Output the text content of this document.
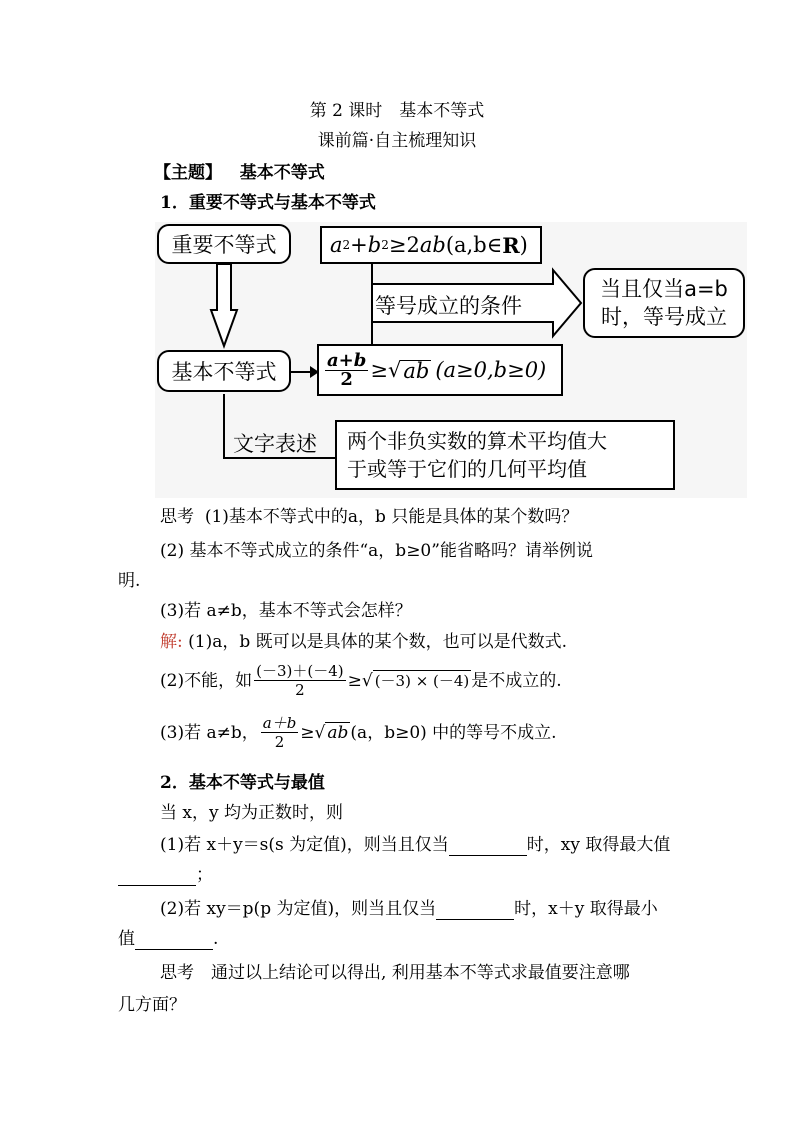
第 2 课时　基本不等式
课前篇·自主梳理知识
【主题】 基本不等式
1．重要不等式与基本不等式
重要不等式	a 2 + b 2 ≥2 ab (a,b∈ R )
等号成立的条件
当且仅当a=b
时，等号成立
基本不等式	$\frac{a+b}{2}$ ≥ √ ab (a≥0,b≥0)
文字表述 两个非负实数的算术平均值大
于或等于它们的几何平均值
思考 (1)基本不等式中的a，b 只能是具体的某个数吗？
(2) 基本不等式成立的条件“a，b≥0”能省略吗？请举例说
明.
(3)若 a≠b，基本不等式会怎样？
解: (1)a，b 既可以是具体的某个数，也可以是代数式.
(2)不能，如 $\frac{(-3)+(-4)}{2}$ ≥ √ (－3) × (－4) 是不成立的.
(3)若 a≠b， $\frac{a+b}{2}$ ≥ √ ab (a，b≥0) 中的等号不成立.
2．基本不等式与最值
当 x，y 均为正数时，则
(1)若 x＋y＝s(s 为定值)，则当且仅当	时，xy 取得最大值
；
(2)若 xy＝p(p 为定值)，则当且仅当	时，x＋y 取得最小
值	.
思考　通过以上结论可以得出, 利用基本不等式求最值要注意哪
几方面？
